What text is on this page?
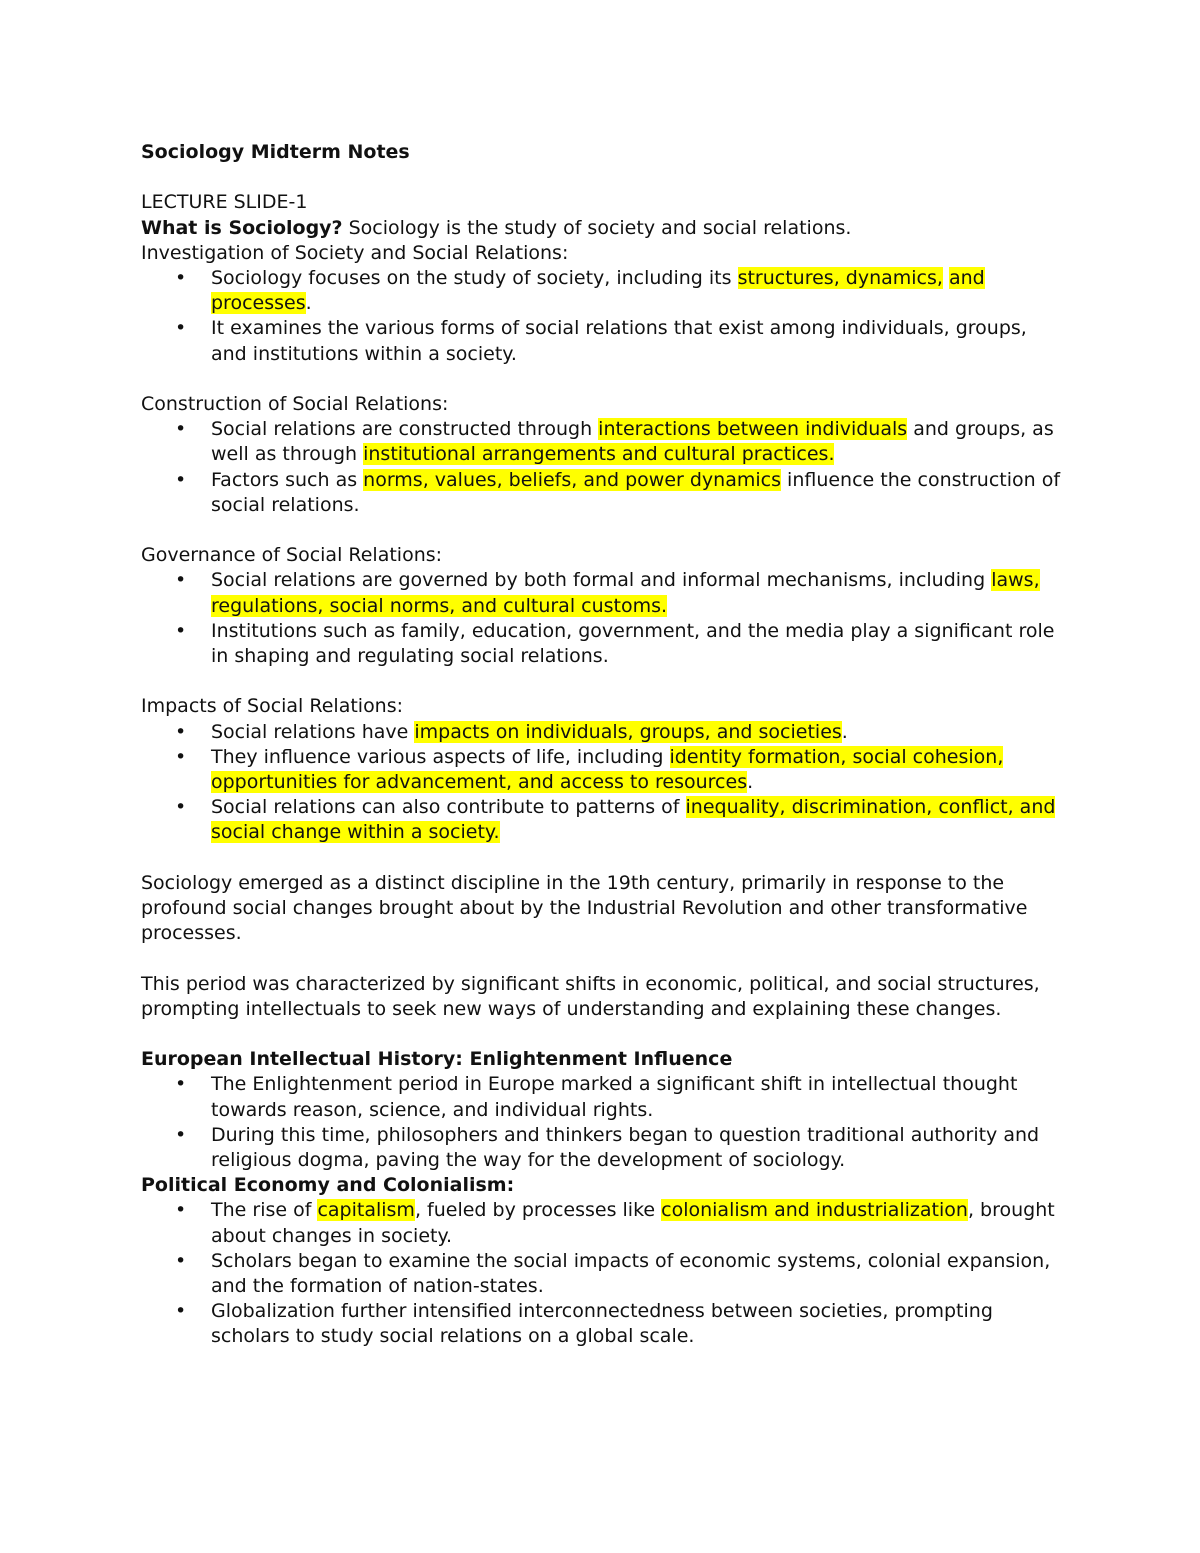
Sociology Midterm Notes

LECTURE SLIDE-1

What is Sociology? Sociology is the study of society and social relations.

Investigation of Society and Social Relations:

• Sociology focuses on the study of society, including its structures, dynamics, and processes.
• It examines the various forms of social relations that exist among individuals, groups, and institutions within a society.

Construction of Social Relations:

• Social relations are constructed through interactions between individuals and groups, as well as through institutional arrangements and cultural practices.
• Factors such as norms, values, beliefs, and power dynamics influence the construction of social relations.

Governance of Social Relations:

• Social relations are governed by both formal and informal mechanisms, including laws, regulations, social norms, and cultural customs.
• Institutions such as family, education, government, and the media play a significant role in shaping and regulating social relations.

Impacts of Social Relations:

• Social relations have impacts on individuals, groups, and societies.
• They influence various aspects of life, including identity formation, social cohesion, opportunities for advancement, and access to resources.
• Social relations can also contribute to patterns of inequality, discrimination, conflict, and social change within a society.

Sociology emerged as a distinct discipline in the 19th century, primarily in response to the profound social changes brought about by the Industrial Revolution and other transformative processes.

This period was characterized by significant shifts in economic, political, and social structures, prompting intellectuals to seek new ways of understanding and explaining these changes.

European Intellectual History: Enlightenment Influence

• The Enlightenment period in Europe marked a significant shift in intellectual thought towards reason, science, and individual rights.
• During this time, philosophers and thinkers began to question traditional authority and religious dogma, paving the way for the development of sociology.

Political Economy and Colonialism:

• The rise of capitalism, fueled by processes like colonialism and industrialization, brought about changes in society.
• Scholars began to examine the social impacts of economic systems, colonial expansion, and the formation of nation-states.
• Globalization further intensified interconnectedness between societies, prompting scholars to study social relations on a global scale.
